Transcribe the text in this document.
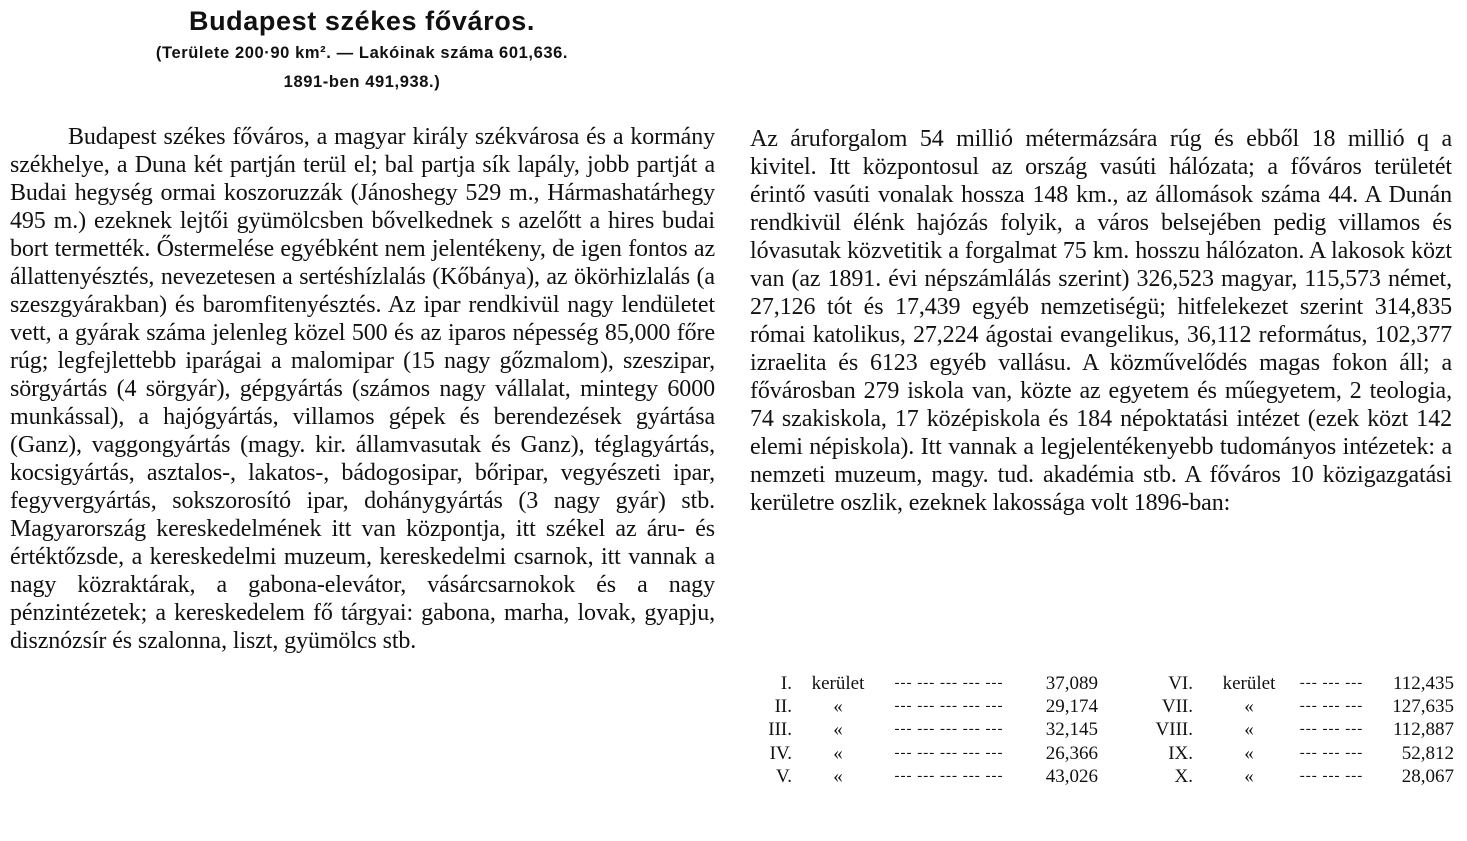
Budapest székes főváros.
(Területe 200·90 km². — Lakóinak száma 601,636.
1891-ben 491,938.)

Budapest székes főváros, a magyar király székvárosa és a kormány székhelye, a Duna két partján terül el; bal partja sík lapály, jobb partját a Budai hegység ormai koszoruzzák (Jánoshegy 529 m., Hármashatárhegy 495 m.) ezeknek lejtői gyümölcsben bővelkednek s azelőtt a hires budai bort termették. Őstermelése egyébként nem jelentékeny, de igen fontos az állattenyésztés, nevezetesen a sertéshízlalás (Kőbánya), az ökörhizlalás (a szeszgyárakban) és baromfitenyésztés. Az ipar rendkivül nagy lendületet vett, a gyárak száma jelenleg közel 500 és az iparos népesség 85,000 főre rúg; legfejlettebb iparágai a malomipar (15 nagy gőzmalom), szeszipar, sörgyártás (4 sörgyár), gépgyártás (számos nagy vállalat, mintegy 6000 munkással), a hajógyártás, villamos gépek és berendezések gyártása (Ganz), vaggongyártás (magy. kir. államvasutak és Ganz), téglagyártás, kocsigyártás, asztalos-, lakatos-, bádogosipar, bőripar, vegyészeti ipar, fegyvergyártás, sokszorosító ipar, dohánygyártás (3 nagy gyár) stb. Magyarország kereskedelmének itt van központja, itt székel az áru- és értéktőzsde, a kereskedelmi muzeum, kereskedelmi csarnok, itt vannak a nagy közraktárak, a gabona-elevátor, vásárcsarnokok és a nagy pénzintézetek; a kereskedelem fő tárgyai: gabona, marha, lovak, gyapju, disznózsír és szalonna, liszt, gyümölcs stb.

Az áruforgalom 54 millió métermázsára rúg és ebből 18 millió q a kivitel. Itt központosul az ország vasúti hálózata; a főváros területét érintő vasúti vonalak hossza 148 km., az állomások száma 44. A Dunán rendkivül élénk hajózás folyik, a város belsejében pedig villamos és lóvasutak közvetitik a forgalmat 75 km. hosszu hálózaton. A lakosok közt van (az 1891. évi népszámlálás szerint) 326,523 magyar, 115,573 német, 27,126 tót és 17,439 egyéb nemzetiségü; hitfelekezet szerint 314,835 római katolikus, 27,224 ágostai evangelikus, 36,112 református, 102,377 izraelita és 6123 egyéb vallásu. A közművelődés magas fokon áll; a fővárosban 279 iskola van, közte az egyetem és műegyetem, 2 teologia, 74 szakiskola, 17 középiskola és 184 népoktatási intézet (ezek közt 142 elemi népiskola). Itt vannak a legjelentékenyebb tudományos intézetek: a nemzeti muzeum, magy. tud. akadémia stb. A főváros 10 közigazgatási kerületre oszlik, ezeknek lakossága volt 1896-ban:

I.	kerület	--- --- --- --- ---	37,089	VI.	kerület	--- --- ---	112,435
II.	«	--- --- --- --- ---	29,174	VII.	«	--- --- ---	127,635
III.	«	--- --- --- --- ---	32,145	VIII.	«	--- --- ---	112,887
IV.	«	--- --- --- --- ---	26,366	IX.	«	--- --- ---	52,812
V.	«	--- --- --- --- ---	43,026	X.	«	--- --- ---	28,067
